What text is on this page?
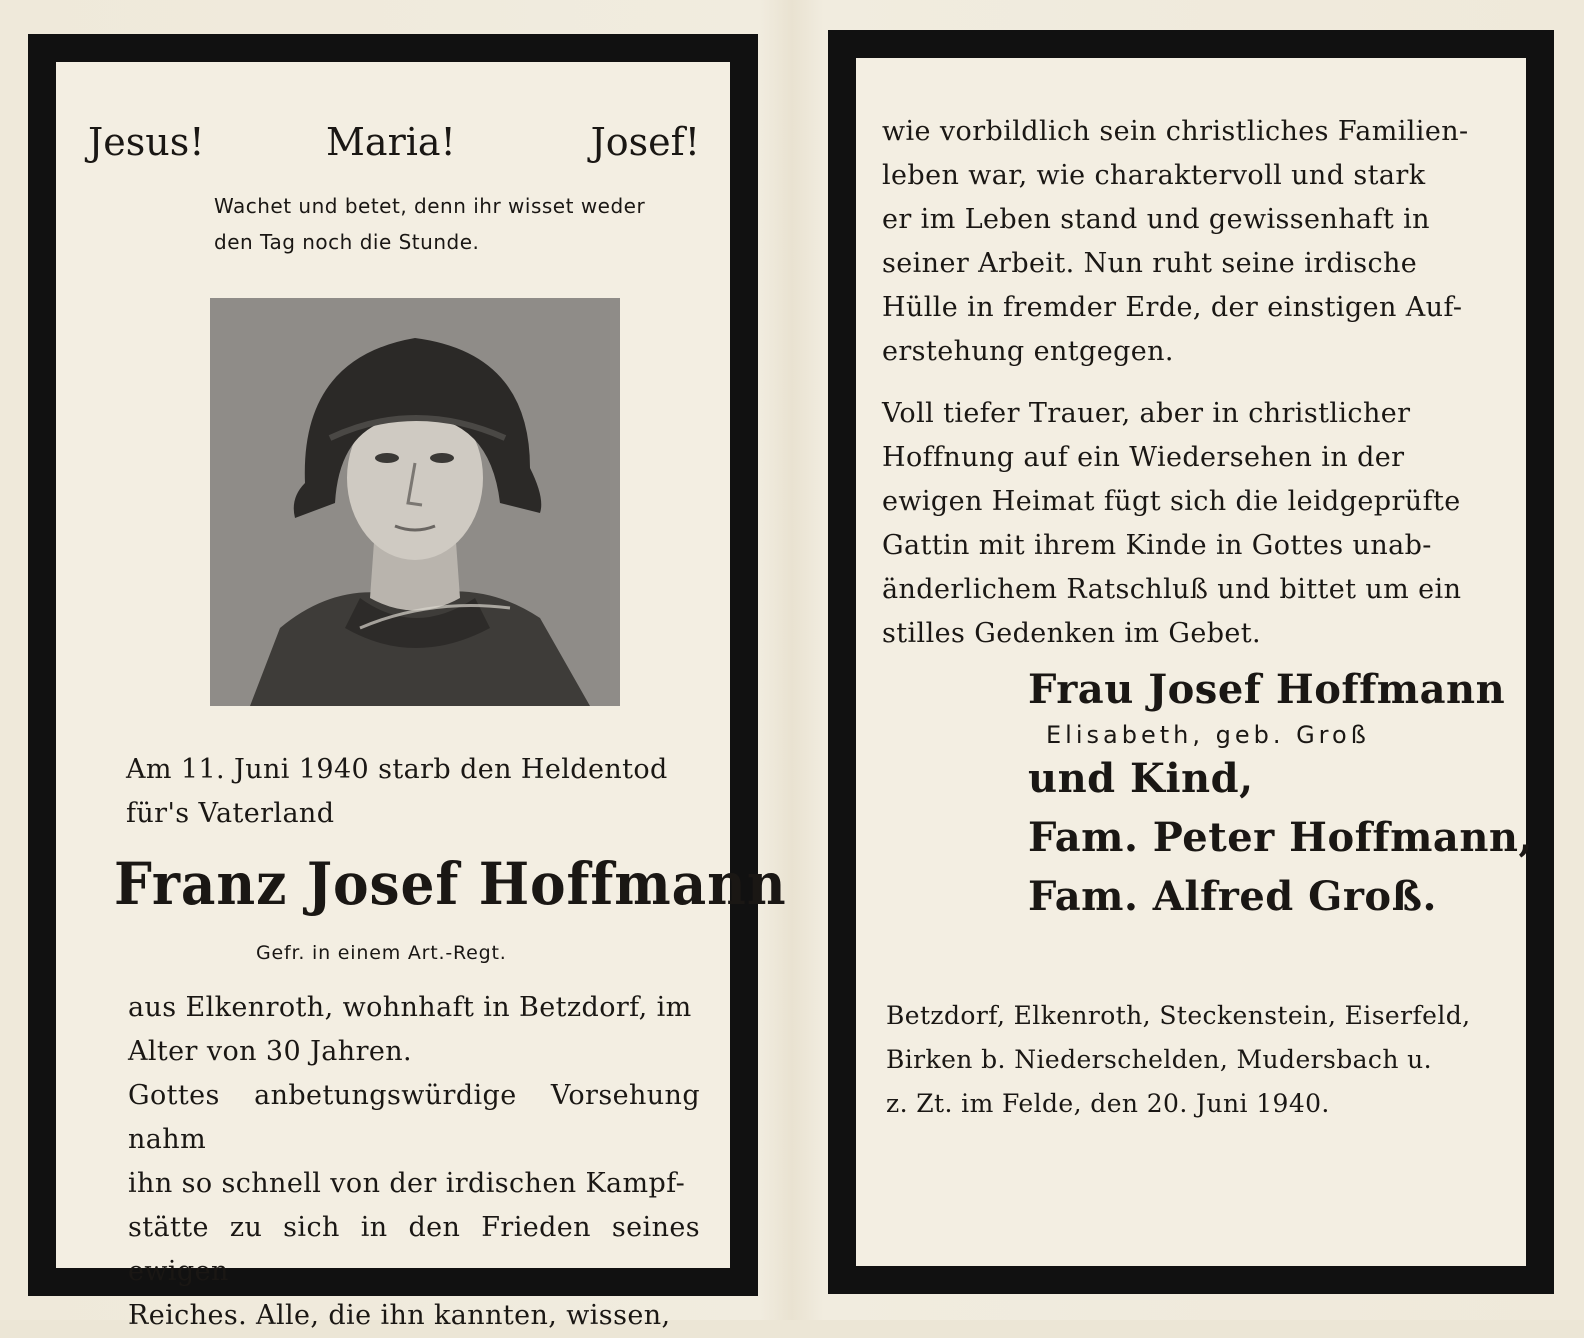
Jesus!	Maria!	Josef!
Wachet und betet, denn ihr wisset weder
den Tag noch die Stunde.
Am 11. Juni 1940 starb den Heldentod
für's Vaterland
Franz Josef Hoffmann
Gefr. in einem Art.-Regt.
aus Elkenroth, wohnhaft in Betzdorf, im
Alter von 30 Jahren.
Gottes anbetungswürdige Vorsehung nahm
ihn so schnell von der irdischen Kampf-
stätte zu sich in den Frieden seines ewigen
Reiches. Alle, die ihn kannten, wissen,
wie vorbildlich sein christliches Familien-
leben war, wie charaktervoll und stark
er im Leben stand und gewissenhaft in
seiner Arbeit. Nun ruht seine irdische
Hülle in fremder Erde, der einstigen Auf-
erstehung entgegen.
Voll tiefer Trauer, aber in christlicher
Hoffnung auf ein Wiedersehen in der
ewigen Heimat fügt sich die leidgeprüfte
Gattin mit ihrem Kinde in Gottes unab-
änderlichem Ratschluß und bittet um ein
stilles Gedenken im Gebet.
Frau Josef Hoffmann
Elisabeth, geb. Groß
und Kind,
Fam. Peter Hoffmann,
Fam. Alfred Groß.
Betzdorf, Elkenroth, Steckenstein, Eiserfeld,
Birken b. Niederschelden, Mudersbach u.
z. Zt. im Felde, den 20. Juni 1940.
